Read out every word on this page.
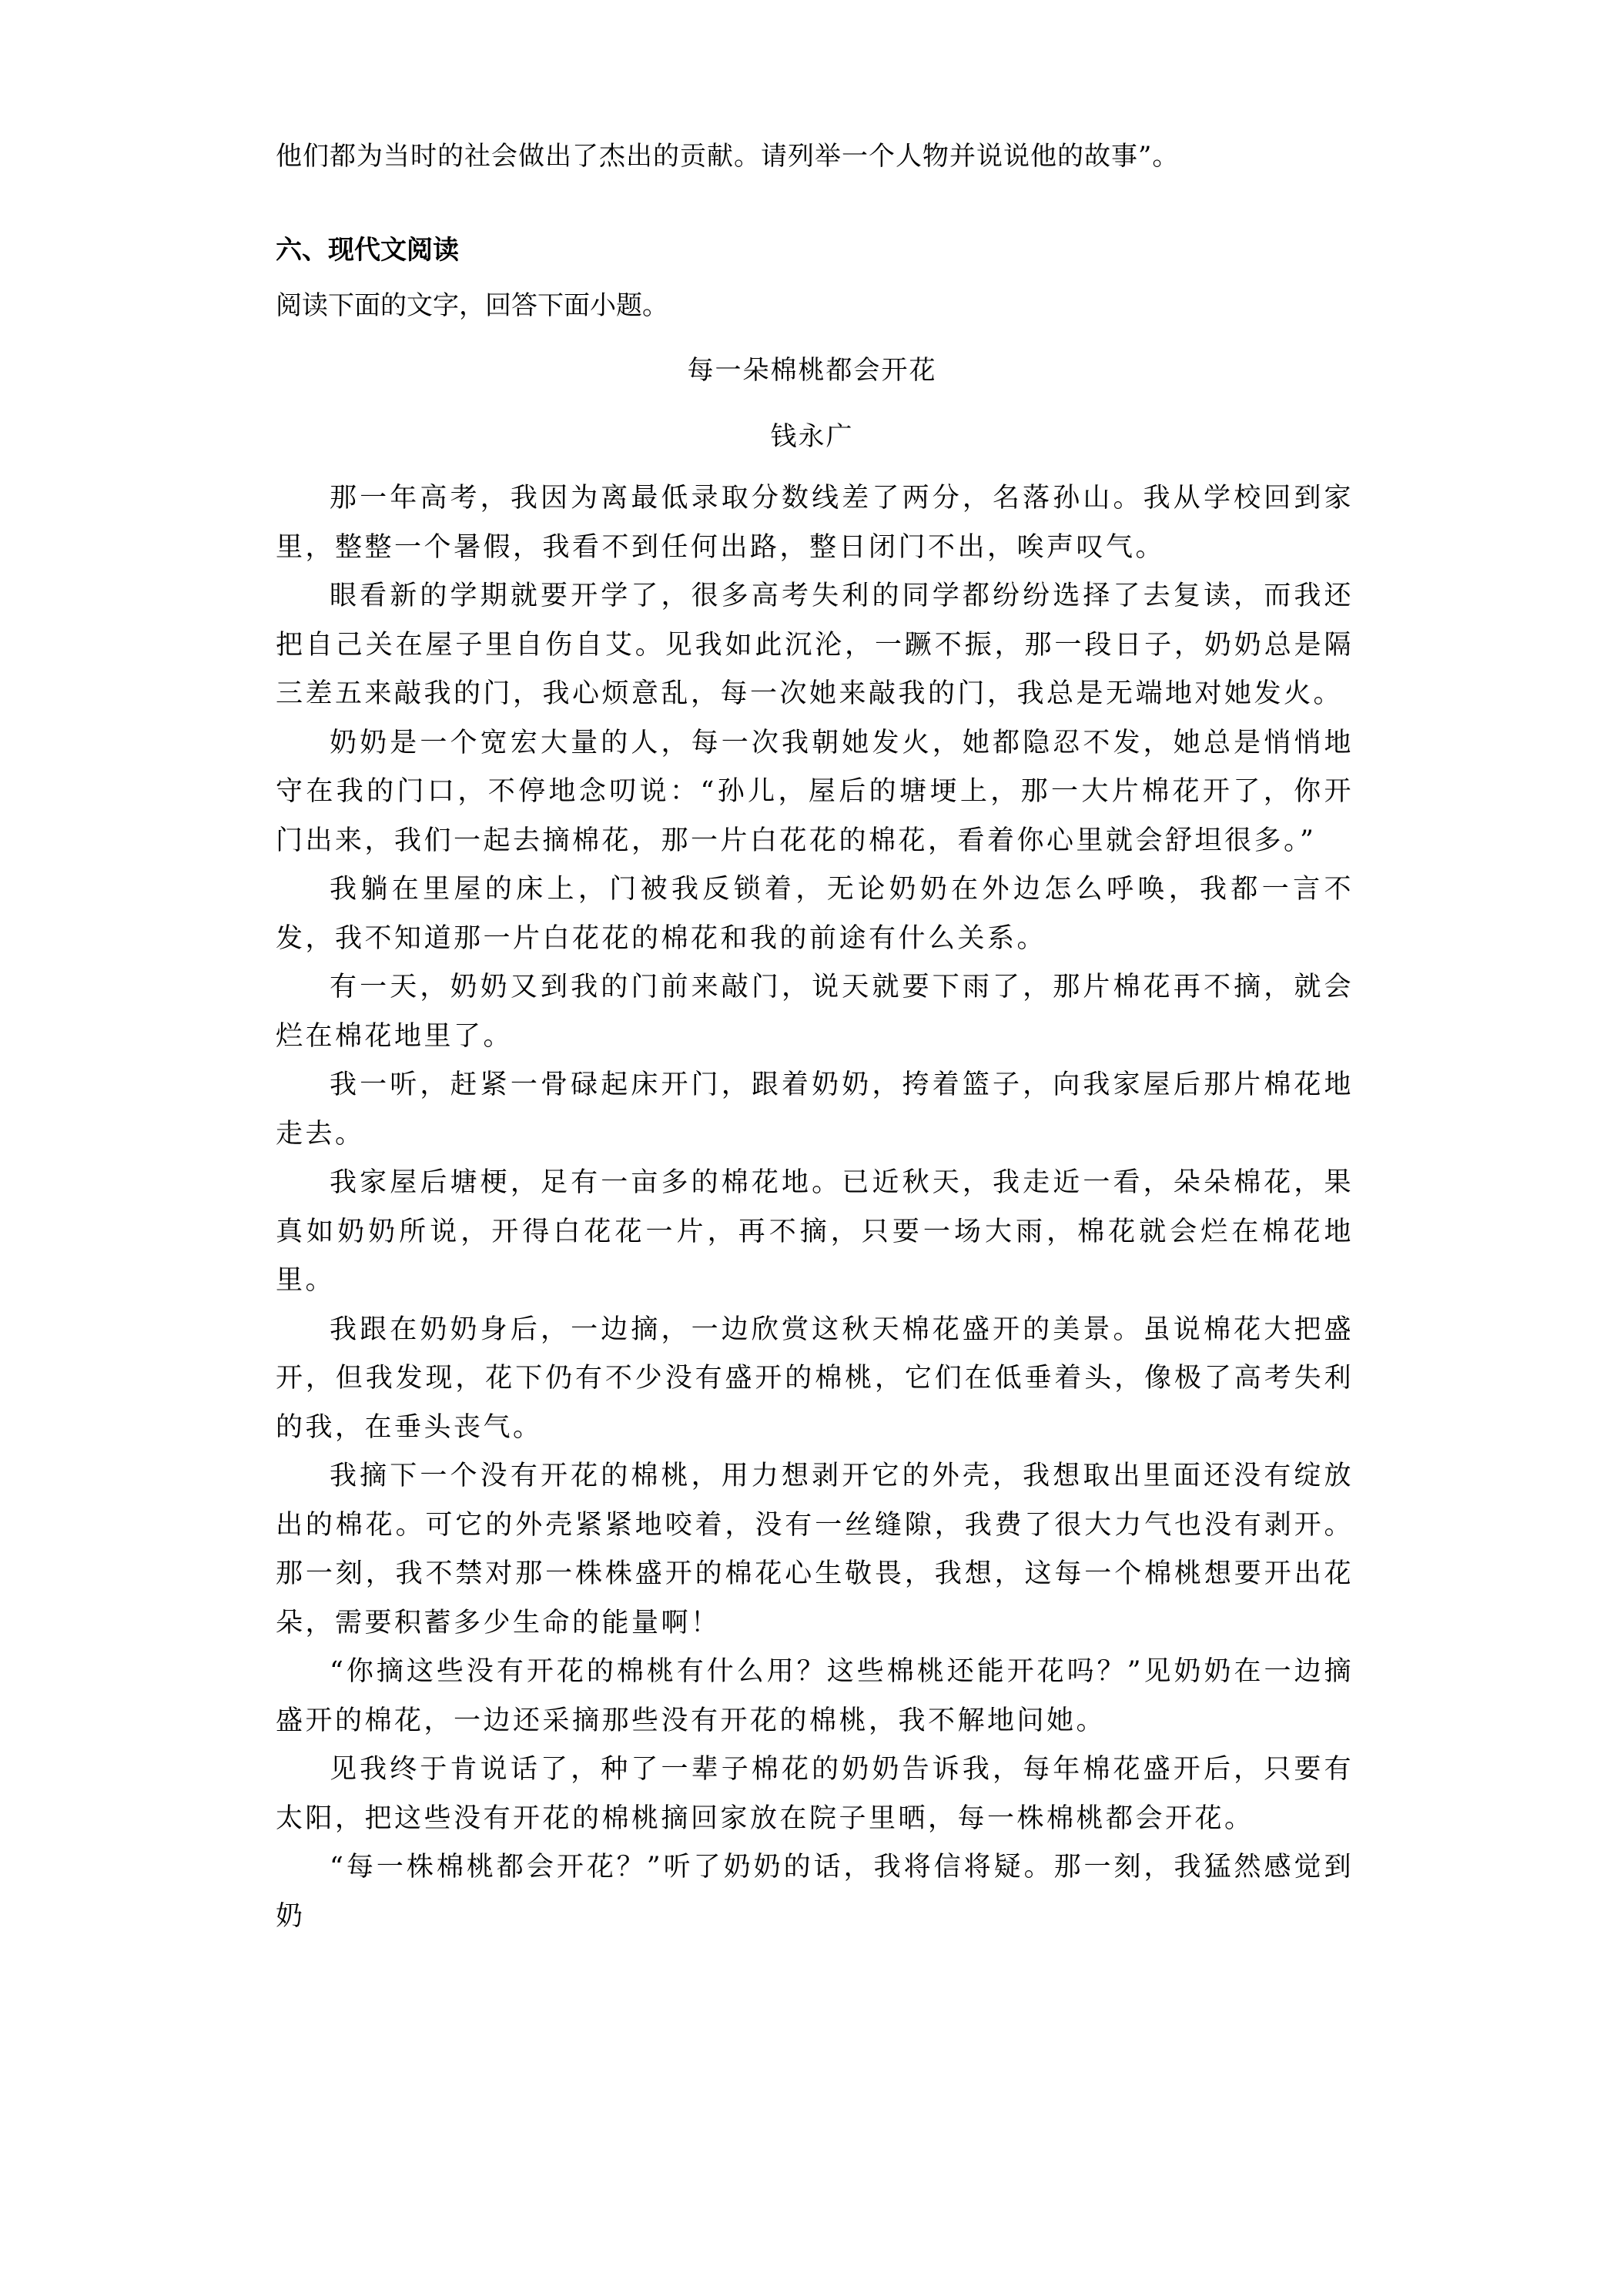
他们都为当时的社会做出了杰出的贡献。请列举一个人物并说说他的故事”。
六、现代文阅读
阅读下面的文字，回答下面小题。
每一朵棉桃都会开花
钱永广

那一年高考，我因为离最低录取分数线差了两分，名落孙山。我从学校回到家里，整整一个暑假，我看不到任何出路，整日闭门不出，唉声叹气。

眼看新的学期就要开学了，很多高考失利的同学都纷纷选择了去复读，而我还把自己关在屋子里自伤自艾。见我如此沉沦，一蹶不振，那一段日子，奶奶总是隔三差五来敲我的门，我心烦意乱，每一次她来敲我的门，我总是无端地对她发火。

奶奶是一个宽宏大量的人，每一次我朝她发火，她都隐忍不发，她总是悄悄地守在我的门口，不停地念叨说：“孙儿，屋后的塘埂上，那一大片棉花开了，你开门出来，我们一起去摘棉花，那一片白花花的棉花，看着你心里就会舒坦很多。”

我躺在里屋的床上，门被我反锁着，无论奶奶在外边怎么呼唤，我都一言不发，我不知道那一片白花花的棉花和我的前途有什么关系。

有一天，奶奶又到我的门前来敲门，说天就要下雨了，那片棉花再不摘，就会烂在棉花地里了。

我一听，赶紧一骨碌起床开门，跟着奶奶，挎着篮子，向我家屋后那片棉花地走去。

我家屋后塘梗，足有一亩多的棉花地。已近秋天，我走近一看，朵朵棉花，果真如奶奶所说，开得白花花一片，再不摘，只要一场大雨，棉花就会烂在棉花地里。

我跟在奶奶身后，一边摘，一边欣赏这秋天棉花盛开的美景。虽说棉花大把盛开，但我发现，花下仍有不少没有盛开的棉桃，它们在低垂着头，像极了高考失利的我，在垂头丧气。

我摘下一个没有开花的棉桃，用力想剥开它的外壳，我想取出里面还没有绽放出的棉花。可它的外壳紧紧地咬着，没有一丝缝隙，我费了很大力气也没有剥开。那一刻，我不禁对那一株株盛开的棉花心生敬畏，我想，这每一个棉桃想要开出花朵，需要积蓄多少生命的能量啊！

“你摘这些没有开花的棉桃有什么用？这些棉桃还能开花吗？”见奶奶在一边摘盛开的棉花，一边还采摘那些没有开花的棉桃，我不解地问她。

见我终于肯说话了，种了一辈子棉花的奶奶告诉我，每年棉花盛开后，只要有太阳，把这些没有开花的棉桃摘回家放在院子里晒，每一株棉桃都会开花。

“每一株棉桃都会开花？”听了奶奶的话，我将信将疑。那一刻，我猛然感觉到奶
